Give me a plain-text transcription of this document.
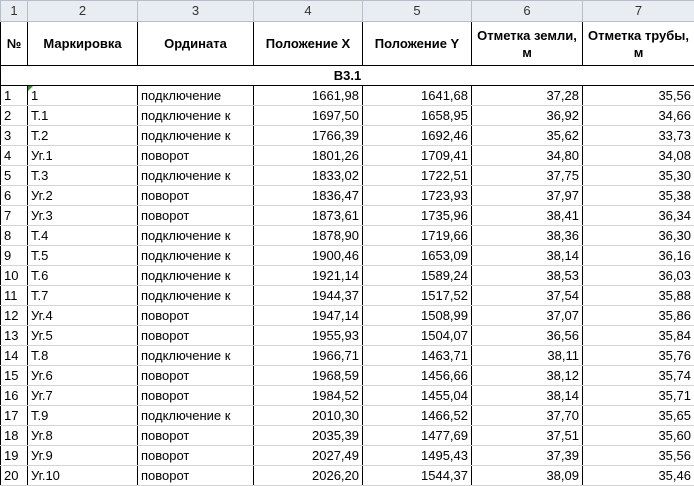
1	2	3	4	5	6	7
№	Маркировка	Ордината	Положение X	Положение Y	Отметка земли, м	Отметка трубы, м
В3.1						
1	1	подключение	1661,98	1641,68	37,28	35,56
2	Т.1	подключение к	1697,50	1658,95	36,92	34,66
3	Т.2	подключение к	1766,39	1692,46	35,62	33,73
4	Уг.1	поворот	1801,26	1709,41	34,80	34,08
5	Т.3	подключение к	1833,02	1722,51	37,75	35,30
6	Уг.2	поворот	1836,47	1723,93	37,97	35,38
7	Уг.3	поворот	1873,61	1735,96	38,41	36,34
8	Т.4	подключение к	1878,90	1719,66	38,36	36,30
9	Т.5	подключение к	1900,46	1653,09	38,14	36,16
10	Т.6	подключение к	1921,14	1589,24	38,53	36,03
11	Т.7	подключение к	1944,37	1517,52	37,54	35,88
12	Уг.4	поворот	1947,14	1508,99	37,07	35,86
13	Уг.5	поворот	1955,93	1504,07	36,56	35,84
14	Т.8	подключение к	1966,71	1463,71	38,11	35,76
15	Уг.6	поворот	1968,59	1456,66	38,12	35,74
16	Уг.7	поворот	1984,52	1455,04	38,14	35,71
17	Т.9	подключение к	2010,30	1466,52	37,70	35,65
18	Уг.8	поворот	2035,39	1477,69	37,51	35,60
19	Уг.9	поворот	2027,49	1495,43	37,39	35,56
20	Уг.10	поворот	2026,20	1544,37	38,09	35,46
